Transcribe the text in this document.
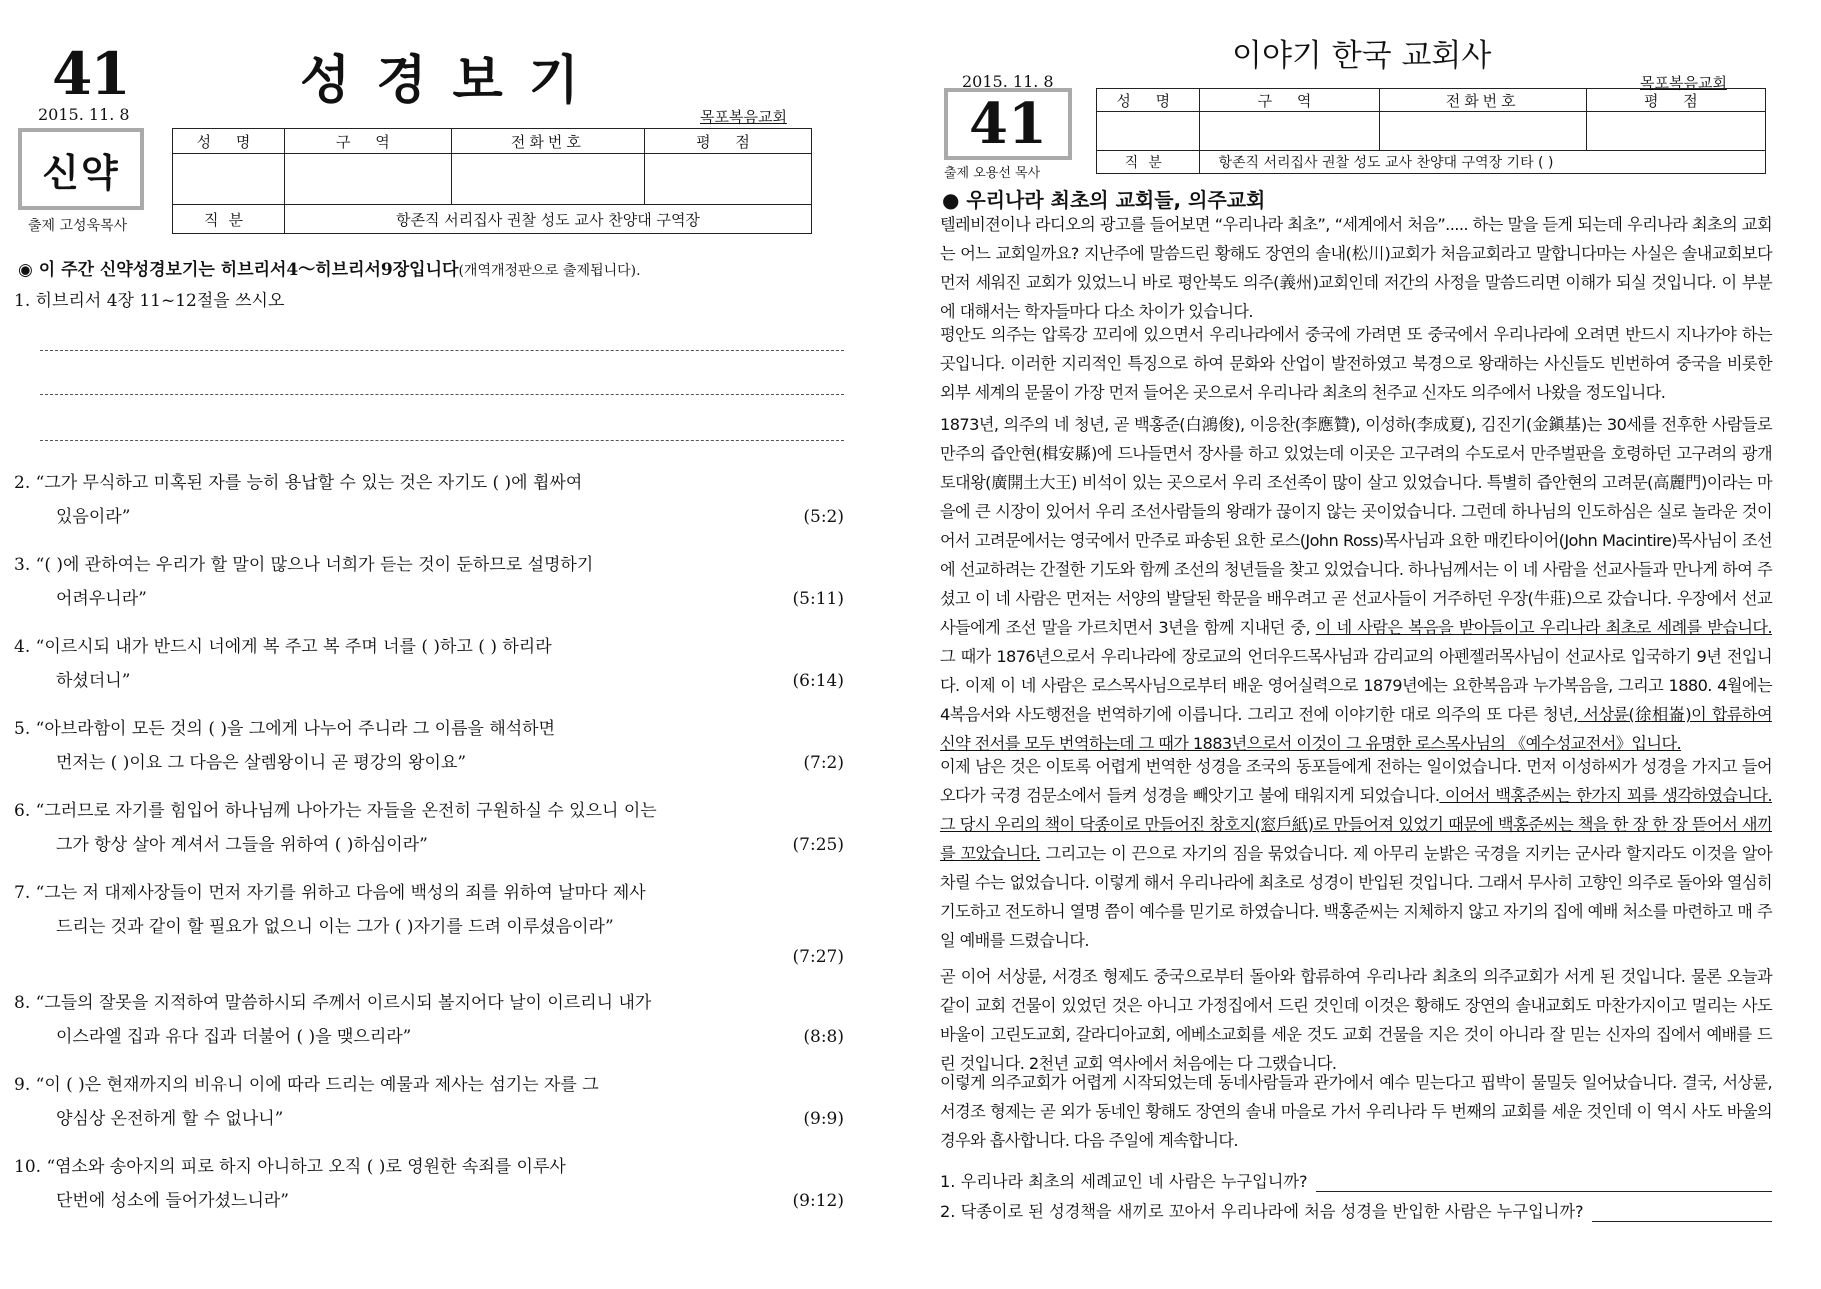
41	성경보기
2015. 11. 8	목포복음교회
신약
출제 고성욱목사
성 명	구 역	전화번호	평 점

직분	항존직 서리집사 권찰 성도 교사 찬양대 구역장		
◉ 이 주간 신약성경보기는 히브리서4～히브리서9장입니다(개역개정판으로 출제됩니다).
1. 히브리서 4장 11~12절을 쓰시오
2. “그가 무식하고 미혹된 자를 능히 용납할 수 있는 것은 자기도 ( )에 휩싸여
있음이라”	(5:2)
3. “( )에 관하여는 우리가 할 말이 많으나 너희가 듣는 것이 둔하므로 설명하기
어려우니라”	(5:11)
4. “이르시되 내가 반드시 너에게 복 주고 복 주며 너를 ( )하고 ( ) 하리라
하셨더니”	(6:14)
5. “아브라함이 모든 것의 ( )을 그에게 나누어 주니라 그 이름을 해석하면
먼저는 ( )이요 그 다음은 살렘왕이니 곧 평강의 왕이요”	(7:2)
6. “그러므로 자기를 힘입어 하나님께 나아가는 자들을 온전히 구원하실 수 있으니 이는
그가 항상 살아 계셔서 그들을 위하여 ( )하심이라”	(7:25)
7. “그는 저 대제사장들이 먼저 자기를 위하고 다음에 백성의 죄를 위하여 날마다 제사
드리는 것과 같이 할 필요가 없으니 이는 그가 ( )자기를 드려 이루셨음이라”
(7:27)
8. “그들의 잘못을 지적하여 말씀하시되 주께서 이르시되 볼지어다 날이 이르리니 내가
이스라엘 집과 유다 집과 더불어 ( )을 맺으리라”	(8:8)
9. “이 ( )은 현재까지의 비유니 이에 따라 드리는 예물과 제사는 섬기는 자를 그
양심상 온전하게 할 수 없나니”	(9:9)
10. “염소와 송아지의 피로 하지 아니하고 오직 ( )로 영원한 속죄를 이루사
단번에 성소에 들어가셨느니라”	(9:12)
이야기 한국 교회사
2015. 11. 8	목포복음교회
41
출제 오용선 목사
성 명	구 역	전화번호	평 점

직분	항존직 서리집사 권찰 성도 교사 찬양대 구역장 기타 ( )		
● 우리나라 최초의 교회들, 의주교회

텔레비젼이나 라디오의 광고를 들어보면 “우리나라 최초”, “세계에서 처음”..... 하는 말을 듣게 되는데 우리나라 최초의 교회는 어느 교회일까요? 지난주에 말씀드린 황해도 장연의 솔내(松川)교회가 처음교회라고 말합니다마는 사실은 솔내교회보다 먼저 세워진 교회가 있었느니 바로 평안북도 의주(義州)교회인데 저간의 사정을 말씀드리면 이해가 되실 것입니다. 이 부분에 대해서는 학자들마다 다소 차이가 있습니다.

평안도 의주는 압록강 꼬리에 있으면서 우리나라에서 중국에 가려면 또 중국에서 우리나라에 오려면 반드시 지나가야 하는 곳입니다. 이러한 지리적인 특징으로 하여 문화와 산업이 발전하였고 북경으로 왕래하는 사신들도 빈번하여 중국을 비롯한 외부 세계의 문물이 가장 먼저 들어온 곳으로서 우리나라 최초의 천주교 신자도 의주에서 나왔을 정도입니다.

1873년, 의주의 네 청년, 곧 백홍준(白鴻俊), 이응찬(李應贊), 이성하(李成夏), 김진기(金鎭基)는 30세를 전후한 사람들로 만주의 즙안현(楫安縣)에 드나들면서 장사를 하고 있었는데 이곳은 고구려의 수도로서 만주벌판을 호령하던 고구려의 광개토대왕(廣開土大王) 비석이 있는 곳으로서 우리 조선족이 많이 살고 있었습니다. 특별히 즙안현의 고려문(高麗門)이라는 마을에 큰 시장이 있어서 우리 조선사람들의 왕래가 끊이지 않는 곳이었습니다. 그런데 하나님의 인도하심은 실로 놀라운 것이어서 고려문에서는 영국에서 만주로 파송된 요한 로스(John Ross)목사님과 요한 매킨타이어(John Macintire)목사님이 조선에 선교하려는 간절한 기도와 함께 조선의 청년들을 찾고 있었습니다. 하나님께서는 이 네 사람을 선교사들과 만나게 하여 주셨고 이 네 사람은 먼저는 서양의 발달된 학문을 배우려고 곧 선교사들이 거주하던 우장(牛莊)으로 갔습니다. 우장에서 선교사들에게 조선 말을 가르치면서 3년을 함께 지내던 중, 이 네 사람은 복음을 받아들이고 우리나라 최초로 세례를 받습니다. 그 때가 1876년으로서 우리나라에 장로교의 언더우드목사님과 감리교의 아펜젤러목사님이 선교사로 입국하기 9년 전입니다. 이제 이 네 사람은 로스목사님으로부터 배운 영어실력으로 1879년에는 요한복음과 누가복음을, 그리고 1880. 4월에는 4복음서와 사도행전을 번역하기에 이릅니다. 그리고 전에 이야기한 대로 의주의 또 다른 청년, 서상륜(徐相崙)이 합류하여 신약 전서를 모두 번역하는데 그 때가 1883년으로서 이것이 그 유명한 로스목사님의 《예수성교전서》입니다.

이제 남은 것은 이토록 어렵게 번역한 성경을 조국의 동포들에게 전하는 일이었습니다. 먼저 이성하씨가 성경을 가지고 들어오다가 국경 검문소에서 들켜 성경을 빼앗기고 불에 태워지게 되었습니다. 이어서 백홍준씨는 한가지 꾀를 생각하였습니다. 그 당시 우리의 책이 닥종이로 만들어진 창호지(窓戶紙)로 만들어져 있었기 때문에 백홍준씨는 책을 한 장 한 장 뜯어서 새끼를 꼬았습니다. 그리고는 이 끈으로 자기의 짐을 묶었습니다. 제 아무리 눈밝은 국경을 지키는 군사라 할지라도 이것을 알아차릴 수는 없었습니다. 이렇게 해서 우리나라에 최초로 성경이 반입된 것입니다. 그래서 무사히 고향인 의주로 돌아와 열심히 기도하고 전도하니 열명 쯤이 예수를 믿기로 하였습니다. 백홍준씨는 지체하지 않고 자기의 집에 예배 처소를 마련하고 매 주일 예배를 드렸습니다.

곧 이어 서상륜, 서경조 형제도 중국으로부터 돌아와 합류하여 우리나라 최초의 의주교회가 서게 된 것입니다. 물론 오늘과 같이 교회 건물이 있었던 것은 아니고 가정집에서 드린 것인데 이것은 황해도 장연의 솔내교회도 마찬가지이고 멀리는 사도 바울이 고린도교회, 갈라디아교회, 에베소교회를 세운 것도 교회 건물을 지은 것이 아니라 잘 믿는 신자의 집에서 예배를 드린 것입니다. 2천년 교회 역사에서 처음에는 다 그랬습니다.

이렇게 의주교회가 어렵게 시작되었는데 동네사람들과 관가에서 예수 믿는다고 핍박이 물밀듯 일어났습니다. 결국, 서상륜, 서경조 형제는 곧 외가 동네인 황해도 장연의 솔내 마을로 가서 우리나라 두 번째의 교회를 세운 것인데 이 역시 사도 바울의 경우와 흡사합니다. 다음 주일에 계속합니다.

1. 우리나라 최초의 세례교인 네 사람은 누구입니까?
2. 닥종이로 된 성경책을 새끼로 꼬아서 우리나라에 처음 성경을 반입한 사람은 누구입니까?
